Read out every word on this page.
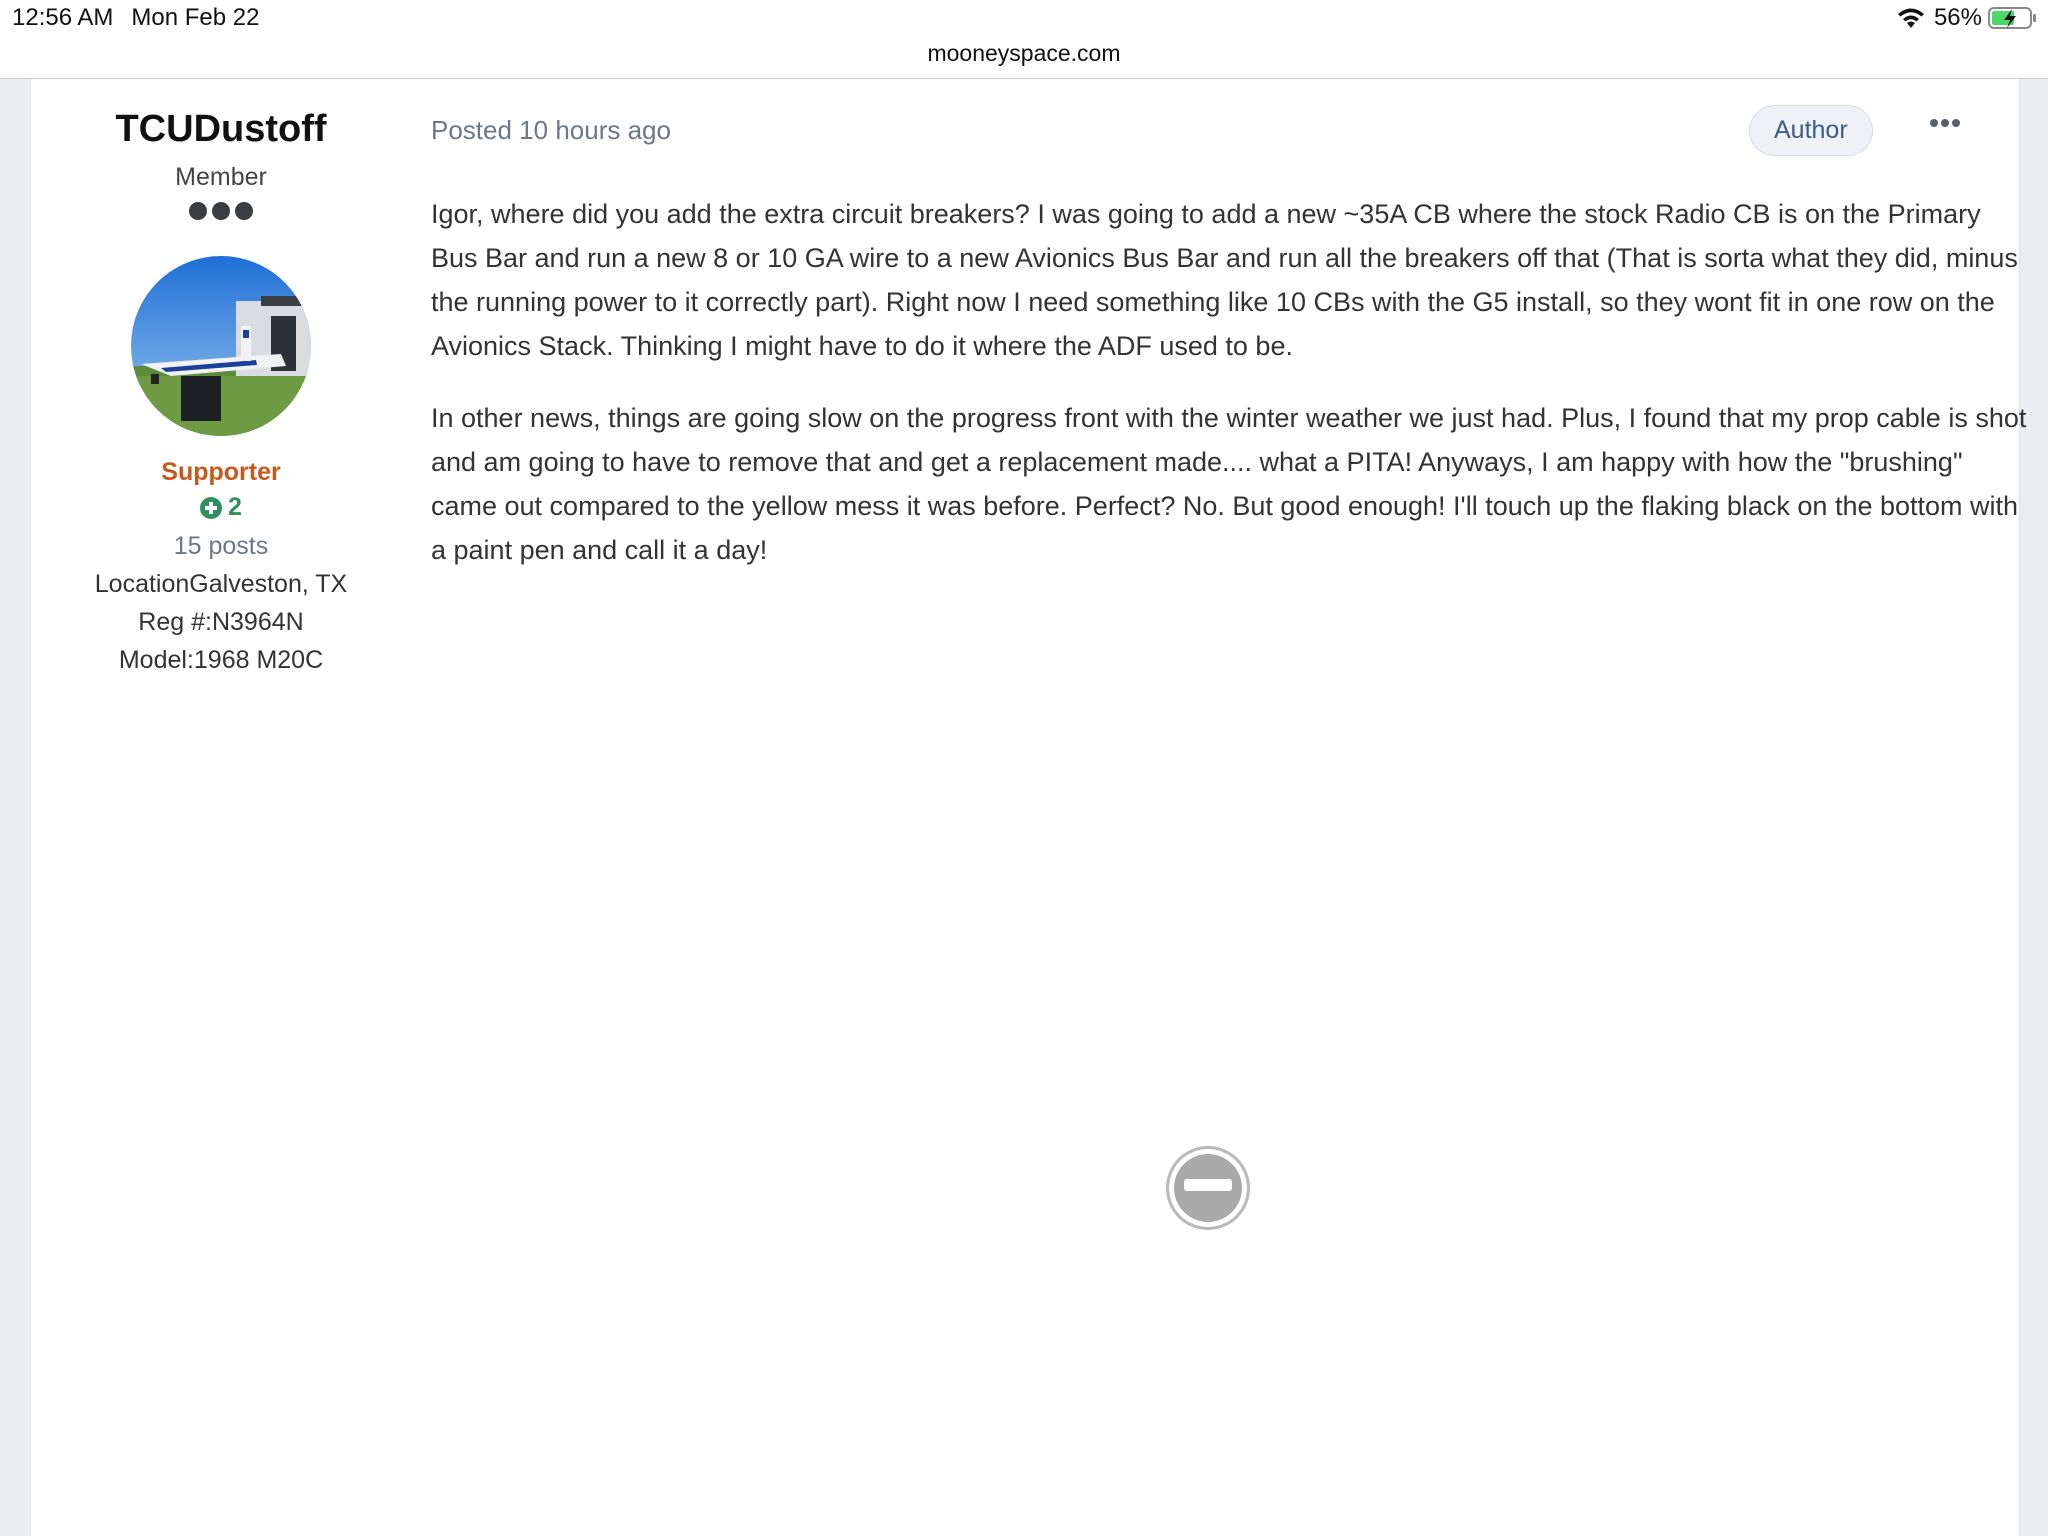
12:56 AM Mon Feb 22	56%
mooneyspace.com
TCUDustoff
Member
Supporter
2
15 posts
LocationGalveston, TX
Reg #:N3964N
Model:1968 M20C
Posted 10 hours ago	Author

Igor, where did you add the extra circuit breakers? I was going to add a new ~35A CB where the stock Radio CB is on the Primary Bus Bar and run a new 8 or 10 GA wire to a new Avionics Bus Bar and run all the breakers off that (That is sorta what they did, minus the running power to it correctly part). Right now I need something like 10 CBs with the G5 install, so they wont fit in one row on the Avionics Stack. Thinking I might have to do it where the ADF used to be.

In other news, things are going slow on the progress front with the winter weather we just had. Plus, I found that my prop cable is shot and am going to have to remove that and get a replacement made.... what a PITA! Anyways, I am happy with how the "brushing" came out compared to the yellow mess it was before. Perfect? No. But good enough! I'll touch up the flaking black on the bottom with a paint pen and call it a day!
